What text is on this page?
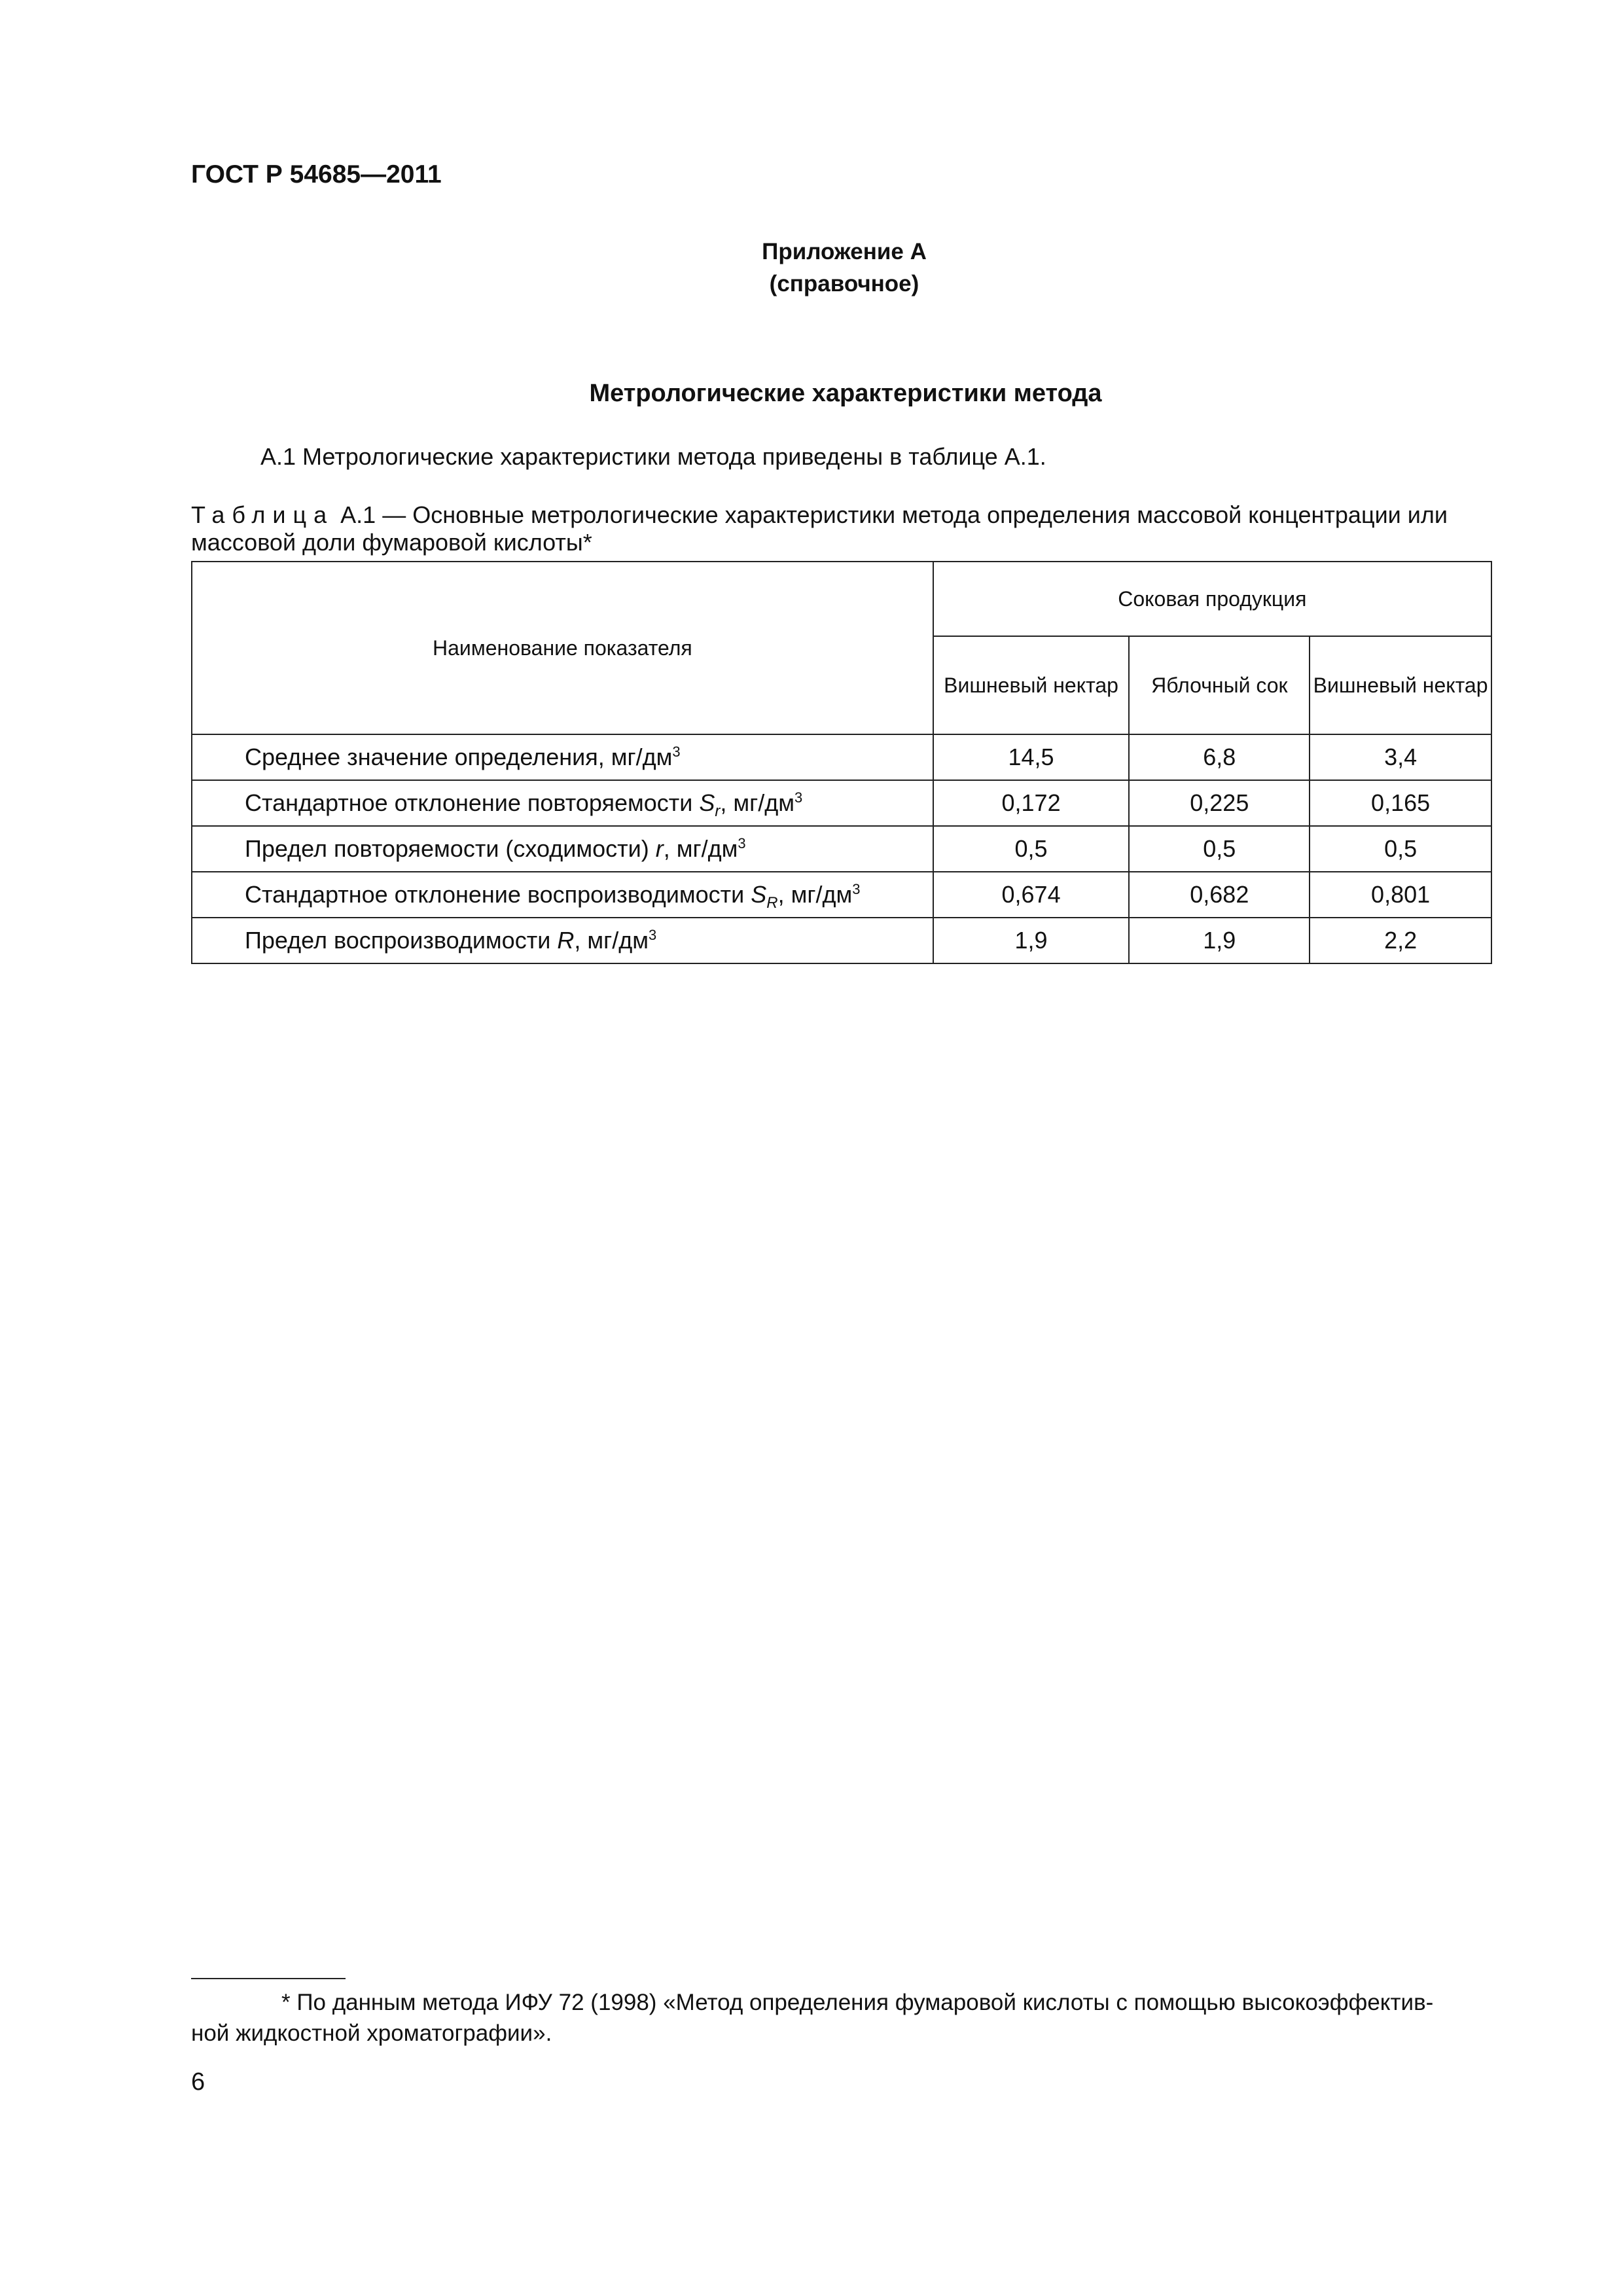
ГОСТ Р 54685—2011
Приложение А
(справочное)
Метрологические характеристики метода
А.1 Метрологические характеристики метода приведены в таблице А.1.
Таблица А.1 — Основные метрологические характеристики метода определения массовой концентрации или массовой доли фумаровой кислоты*
Наименование показателя	Соковая продукция		
	Вишневый нектар	Яблочный сок	Вишневый нектар
Среднее значение определения, $мг/дм^3$	14,5	6,8	3,4
Стандартное отклонение повторяемости $S_r$, $мг/дм^3$	0,172	0,225	0,165
Предел повторяемости (сходимости) r, $мг/дм^3$	0,5	0,5	0,5
Стандартное отклонение воспроизводимости $S_R$, $мг/дм^3$	0,674	0,682	0,801
Предел воспроизводимости R, $мг/дм^3$	1,9	1,9	2,2
* По данным метода ИФУ 72 (1998) «Метод определения фумаровой кислоты с помощью высокоэффектив-
ной жидкостной хроматографии».
6
